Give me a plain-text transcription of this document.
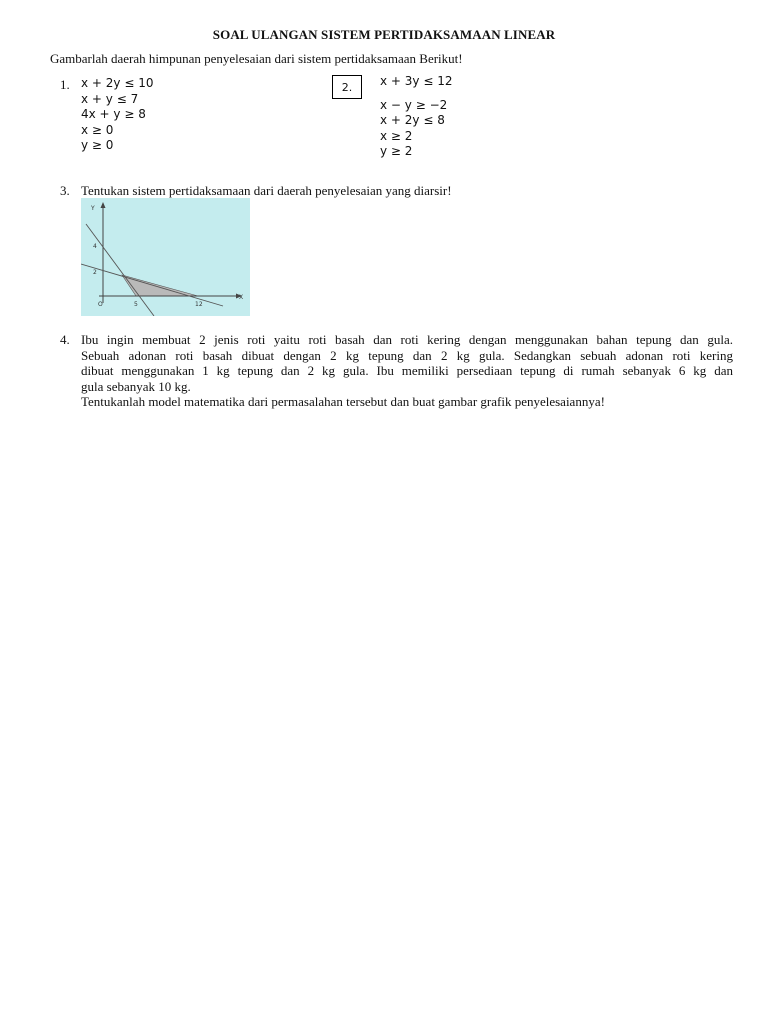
SOAL ULANGAN SISTEM PERTIDAKSAMAAN LINEAR
Gambarlah daerah himpunan penyelesaian dari sistem pertidaksamaan Berikut!
1. x + 2y ≤ 10
x + y ≤ 7
4x + y ≥ 8
x ≥ 0
y ≥ 0
2.	x + 3y ≤ 12
x − y ≥ −2
x + 2y ≤ 8
x ≥ 2
y ≥ 2
3. Tentukan sistem pertidaksamaan dari daerah penyelesaian yang diarsir!
Y
X
O
4
2
5	12
4. Ibu ingin membuat 2 jenis roti yaitu roti basah dan roti kering dengan menggunakan bahan tepung dan gula.
Sebuah adonan roti basah dibuat dengan 2 kg tepung dan 2 kg gula. Sedangkan sebuah adonan roti kering
dibuat menggunakan 1 kg tepung dan 2 kg gula. Ibu memiliki persediaan tepung di rumah sebanyak 6 kg dan
gula sebanyak 10 kg.
Tentukanlah model matematika dari permasalahan tersebut dan buat gambar grafik penyelesaiannya!
